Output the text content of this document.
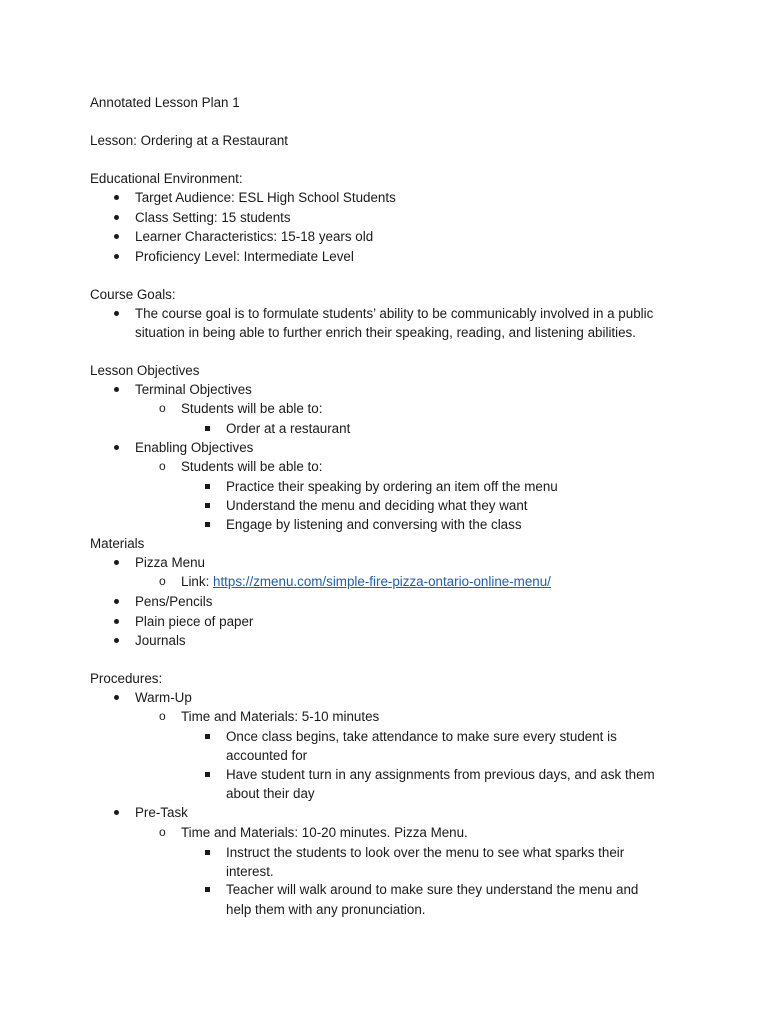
Annotated Lesson Plan 1
Lesson: Ordering at a Restaurant
Educational Environment:
Target Audience: ESL High School Students
Class Setting: 15 students
Learner Characteristics: 15-18 years old
Proficiency Level: Intermediate Level
Course Goals:
The course goal is to formulate students’ ability to be communicably involved in a public
situation in being able to further enrich their speaking, reading, and listening abilities.
Lesson Objectives
Terminal Objectives
Students will be able to:
Order at a restaurant
Enabling Objectives
Students will be able to:
Practice their speaking by ordering an item off the menu
Understand the menu and deciding what they want
Engage by listening and conversing with the class
Materials
Pizza Menu
Link: https://zmenu.com/simple-fire-pizza-ontario-online-menu/
Pens/Pencils
Plain piece of paper
Journals
Procedures:
Warm-Up
Time and Materials: 5-10 minutes
Once class begins, take attendance to make sure every student is
accounted for
Have student turn in any assignments from previous days, and ask them
about their day
Pre-Task
Time and Materials: 10-20 minutes. Pizza Menu.
Instruct the students to look over the menu to see what sparks their
interest.
Teacher will walk around to make sure they understand the menu and
help them with any pronunciation.
